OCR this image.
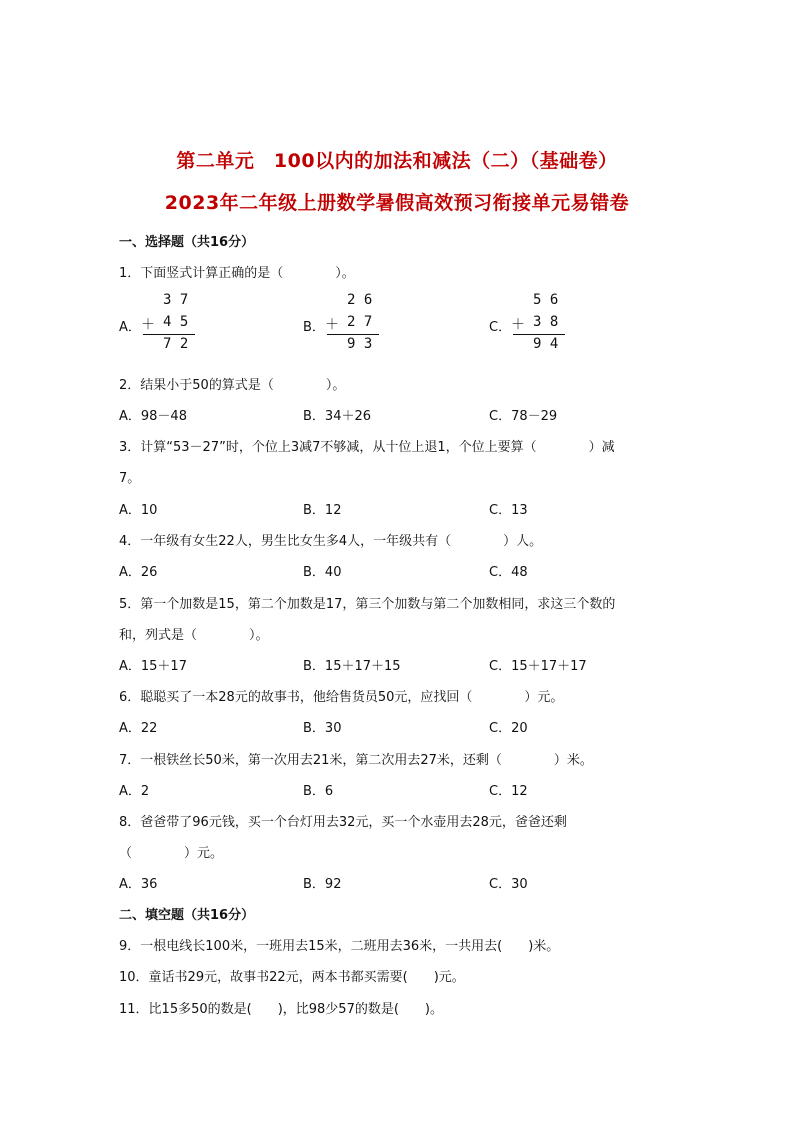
第二单元　100以内的加法和减法（二）（基础卷）
2023年二年级上册数学暑假高效预习衔接单元易错卷
一、选择题（共16分）
1．下面竖式计算正确的是（　　　　）。
A．
3 7
＋ 4 5
7 2
B．
2 6
＋ 2 7
9 3
C．
5 6
＋ 3 8
9 4
2．结果小于50的算式是（　　　　）。
A．98－48	B．34＋26	C．78－29
3．计算“53－27”时，个位上3减7不够减，从十位上退1，个位上要算（　　　　）减
7。
A．10	B．12	C．13
4．一年级有女生22人，男生比女生多4人，一年级共有（　　　　）人。
A．26	B．40	C．48
5．第一个加数是15，第二个加数是17，第三个加数与第二个加数相同，求这三个数的
和，列式是（　　　　）。
A．15＋17	B．15＋17＋15	C．15＋17＋17
6．聪聪买了一本28元的故事书，他给售货员50元，应找回（　　　　）元。
A．22	B．30	C．20
7．一根铁丝长50米，第一次用去21米，第二次用去27米，还剩（　　　　）米。
A．2	B．6	C．12
8．爸爸带了96元钱，买一个台灯用去32元，买一个水壶用去28元，爸爸还剩
（　　　　）元。
A．36	B．92	C．30
二、填空题（共16分）
9．一根电线长100米，一班用去15米，二班用去36米，一共用去(　　)米。
10．童话书29元，故事书22元，两本书都买需要(　　)元。
11．比15多50的数是(　　)，比98少57的数是(　　)。
